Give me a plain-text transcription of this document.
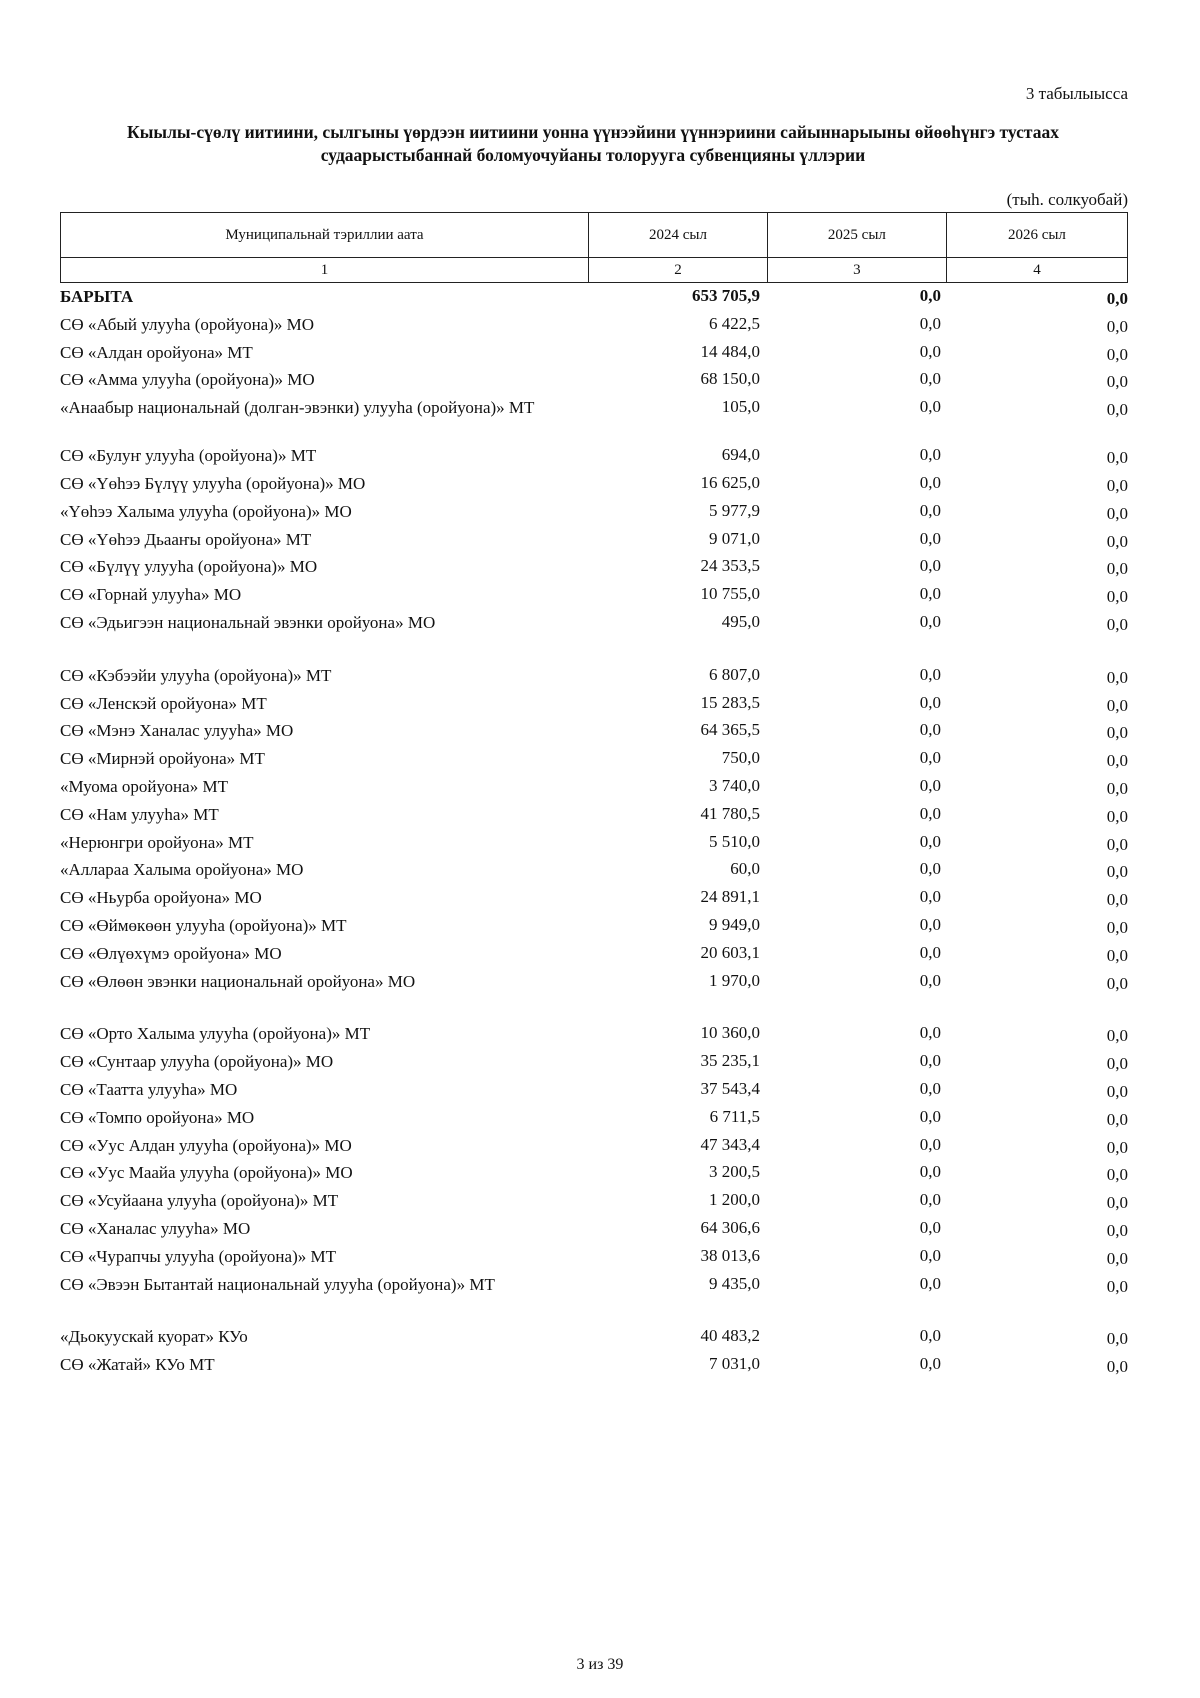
3 табылыысса
Кыылы-сүөлү иитиини, сылгыны үөрдээн иитиини уонна үүнээйини үүннэриини сайыннарыыны өйөөһүнгэ тустаах
судаарыстыбаннай боломуочуйаны толоруугa субвенцияны үллэрии
(тыһ. солкуобай)
Муниципальнай тэриллии аата	2024 сыл	2025 сыл	2026 сыл
1	2	3	4
БАРЫТА	653 705,9	0,0	0,0
СӨ «Абый улууһа (оройуона)» МО	6 422,5	0,0	0,0
СӨ «Алдан оройуона» МТ	14 484,0	0,0	0,0
СӨ «Амма улууһа (оройуона)» МО	68 150,0	0,0	0,0
«Анаабыр национальнай (долган-эвэнки) улууһа (оройуона)» МТ	105,0	0,0	0,0
СӨ «Булуҥ улууһа (оройуона)» МТ	694,0	0,0	0,0
СӨ «Үөһээ Бүлүү улууһа (оройуона)» МО	16 625,0	0,0	0,0
«Үөһээ Халыма улууһа (оройуона)» МО	5 977,9	0,0	0,0
СӨ «Үөһээ Дьааҥы оройуона» МТ	9 071,0	0,0	0,0
СӨ «Бүлүү улууһа (оройуона)» МО	24 353,5	0,0	0,0
СӨ «Горнай улууһа» МО	10 755,0	0,0	0,0
СӨ «Эдьигээн национальнай эвэнки оройуона» МО	495,0	0,0	0,0
СӨ «Кэбээйи улууһа (оройуона)» МТ	6 807,0	0,0	0,0
СӨ «Ленскэй оройуона» МТ	15 283,5	0,0	0,0
СӨ «Мэнэ Ханалас улууһа» МО	64 365,5	0,0	0,0
СӨ «Мирнэй оройуона» МТ	750,0	0,0	0,0
«Муома оройуона» МТ	3 740,0	0,0	0,0
СӨ «Нам улууһа» МТ	41 780,5	0,0	0,0
«Нерюнгри оройуона» МТ	5 510,0	0,0	0,0
«Аллараа Халыма оройуона» МО	60,0	0,0	0,0
СӨ «Ньурба оройуона» МО	24 891,1	0,0	0,0
СӨ «Өймөкөөн улууһа (оройуона)» МТ	9 949,0	0,0	0,0
СӨ «Өлүөхүмэ оройуона» МО	20 603,1	0,0	0,0
СӨ «Өлөөн эвэнки национальнай оройуона» МО	1 970,0	0,0	0,0
СӨ «Орто Халыма улууһа (оройуона)» МТ	10 360,0	0,0	0,0
СӨ «Сунтаар улууһа (оройуона)» МО	35 235,1	0,0	0,0
СӨ «Таатта улууһа» МО	37 543,4	0,0	0,0
СӨ «Томпо оройуона» МО	6 711,5	0,0	0,0
СӨ «Уус Алдан улууһа (оройуона)» МО	47 343,4	0,0	0,0
СӨ «Уус Маайа улууһа (оройуона)» МО	3 200,5	0,0	0,0
СӨ «Усуйаана улууһа (оройуона)» МТ	1 200,0	0,0	0,0
СӨ «Ханалас улууһа» МО	64 306,6	0,0	0,0
СӨ «Чурапчы улууһа (оройуона)» МТ	38 013,6	0,0	0,0
СӨ «Эвээн Бытантай национальнай улууһа (оройуона)» МТ	9 435,0	0,0	0,0
«Дьокуускай куорат» КУо	40 483,2	0,0	0,0
СӨ «Жатай» КУо МТ	7 031,0	0,0	0,0
3 из 39
